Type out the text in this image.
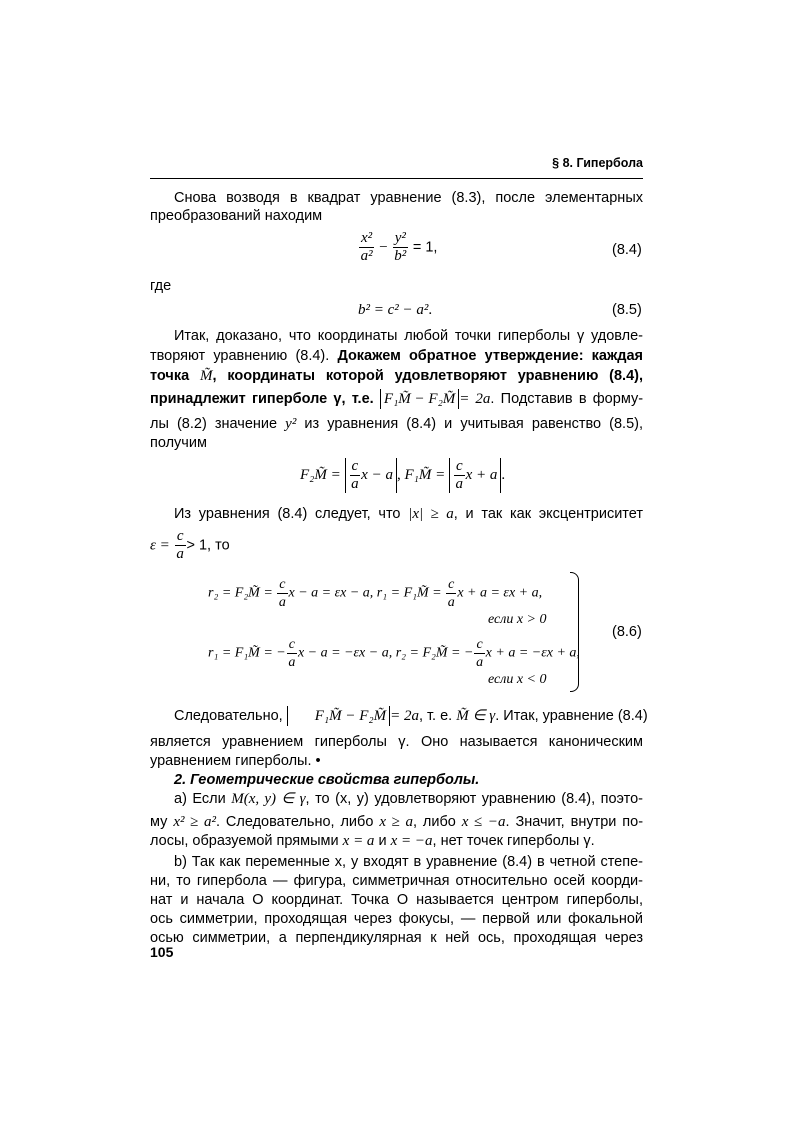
§ 8. Гипербола
Снова возводя в квадрат уравнение (8.3), после элементарных
преобразований находим
$\frac{\text{x²}}{\text{a²}} - \frac{\text{y²}}{\text{b²}} = 1$,	(8.4)
где
b² = c² − a².	(8.5)
Итак, доказано, что координаты любой точки гиперболы γ удовле-
творяют уравнению (8.4). Докажем обратное утверждение: каждая
точка M̃, координаты которой удовлетворяют уравнению (8.4),
принадлежит гиперболе γ, т.е. F₁M̃ − F₂M̃ = 2a. Подставив в форму-
лы (8.2) значение y² из уравнения (8.4) и учитывая равенство (8.5),
получим
F₂M̃ = $\frac{c}{a}$ x − a , F₁M̃ = $\frac{c}{a}$ x + a .
Из уравнения (8.4) следует, что |x| ≥ a, и так как эксцентриситет
$\varepsilon = \frac{c}{a} > 1$, то
r₂ = F₂M̃ = $\frac{c}{a}$ x − a = εx − a, r₁ = F₁M̃ = $\frac{c}{a}$ x + a = εx + a,
если x > 0
r₁ = F₁M̃ = − $\frac{c}{a}$ x − a = −εx − a, r₂ = F₂M̃ = − $\frac{c}{a}$ x + a = −εx + a,
если x < 0
(8.6)
Следовательно, F₁M̃ − F₂M̃ = 2a, т. е. M̃ ∈ γ. Итак, уравнение (8.4)
является уравнением гиперболы γ. Оно называется каноническим
уравнением гиперболы. •
2. Геометрические свойства гиперболы.
a) Если M(x, y) ∈ γ, то (x, y) удовлетворяют уравнению (8.4), поэто-
му x² ≥ a². Следовательно, либо x ≥ a, либо x ≤ −a. Значит, внутри по-
лосы, образуемой прямыми x = a и x = −a, нет точек гиперболы γ.
b) Так как переменные x, y входят в уравнение (8.4) в четной степе-
ни, то гипербола — фигура, симметричная относительно осей коорди-
нат и начала O координат. Точка O называется центром гиперболы,
ось симметрии, проходящая через фокусы, — первой или фокальной
осью симметрии, а перпендикулярная к ней ось, проходящая через
105
